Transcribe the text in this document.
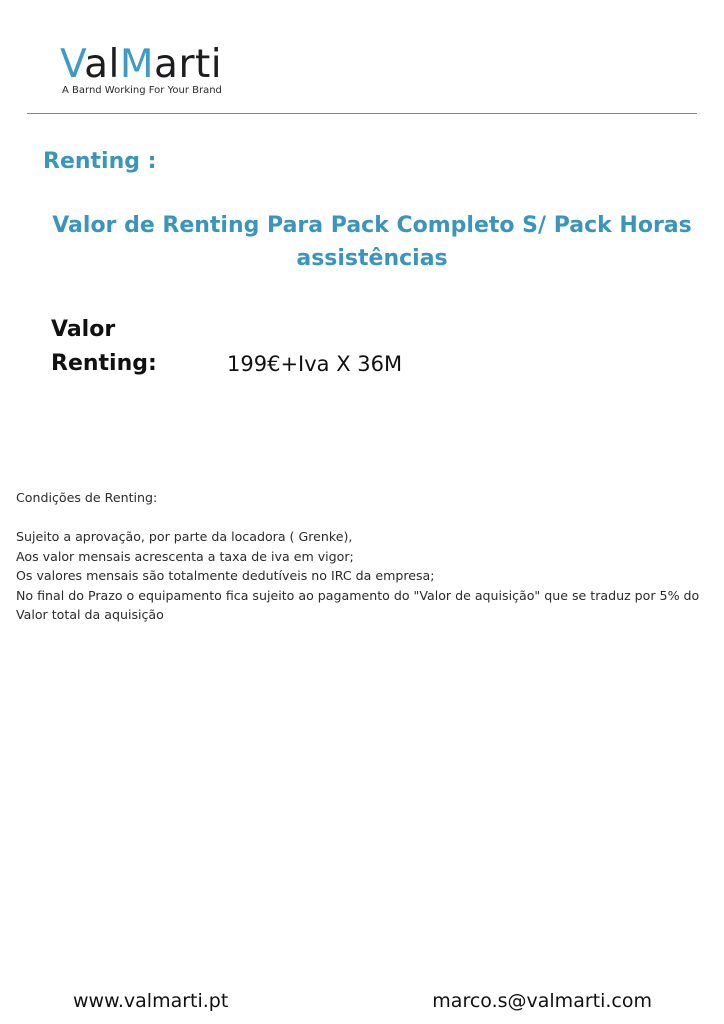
ValMarti
A Barnd Working For Your Brand
Renting :
Valor de Renting Para Pack Completo S/ Pack Horas assistências
Valor
Renting:	199€+Iva X 36M
Condições de Renting:
Sujeito a aprovação, por parte da locadora ( Grenke),
Aos valor mensais acrescenta a taxa de iva em vigor;
Os valores mensais são totalmente dedutíveis no IRC da empresa;
No final do Prazo o equipamento fica sujeito ao pagamento do "Valor de aquisição" que se traduz por 5% do Valor total da aquisição
www.valmarti.pt	marco.s@valmarti.com
